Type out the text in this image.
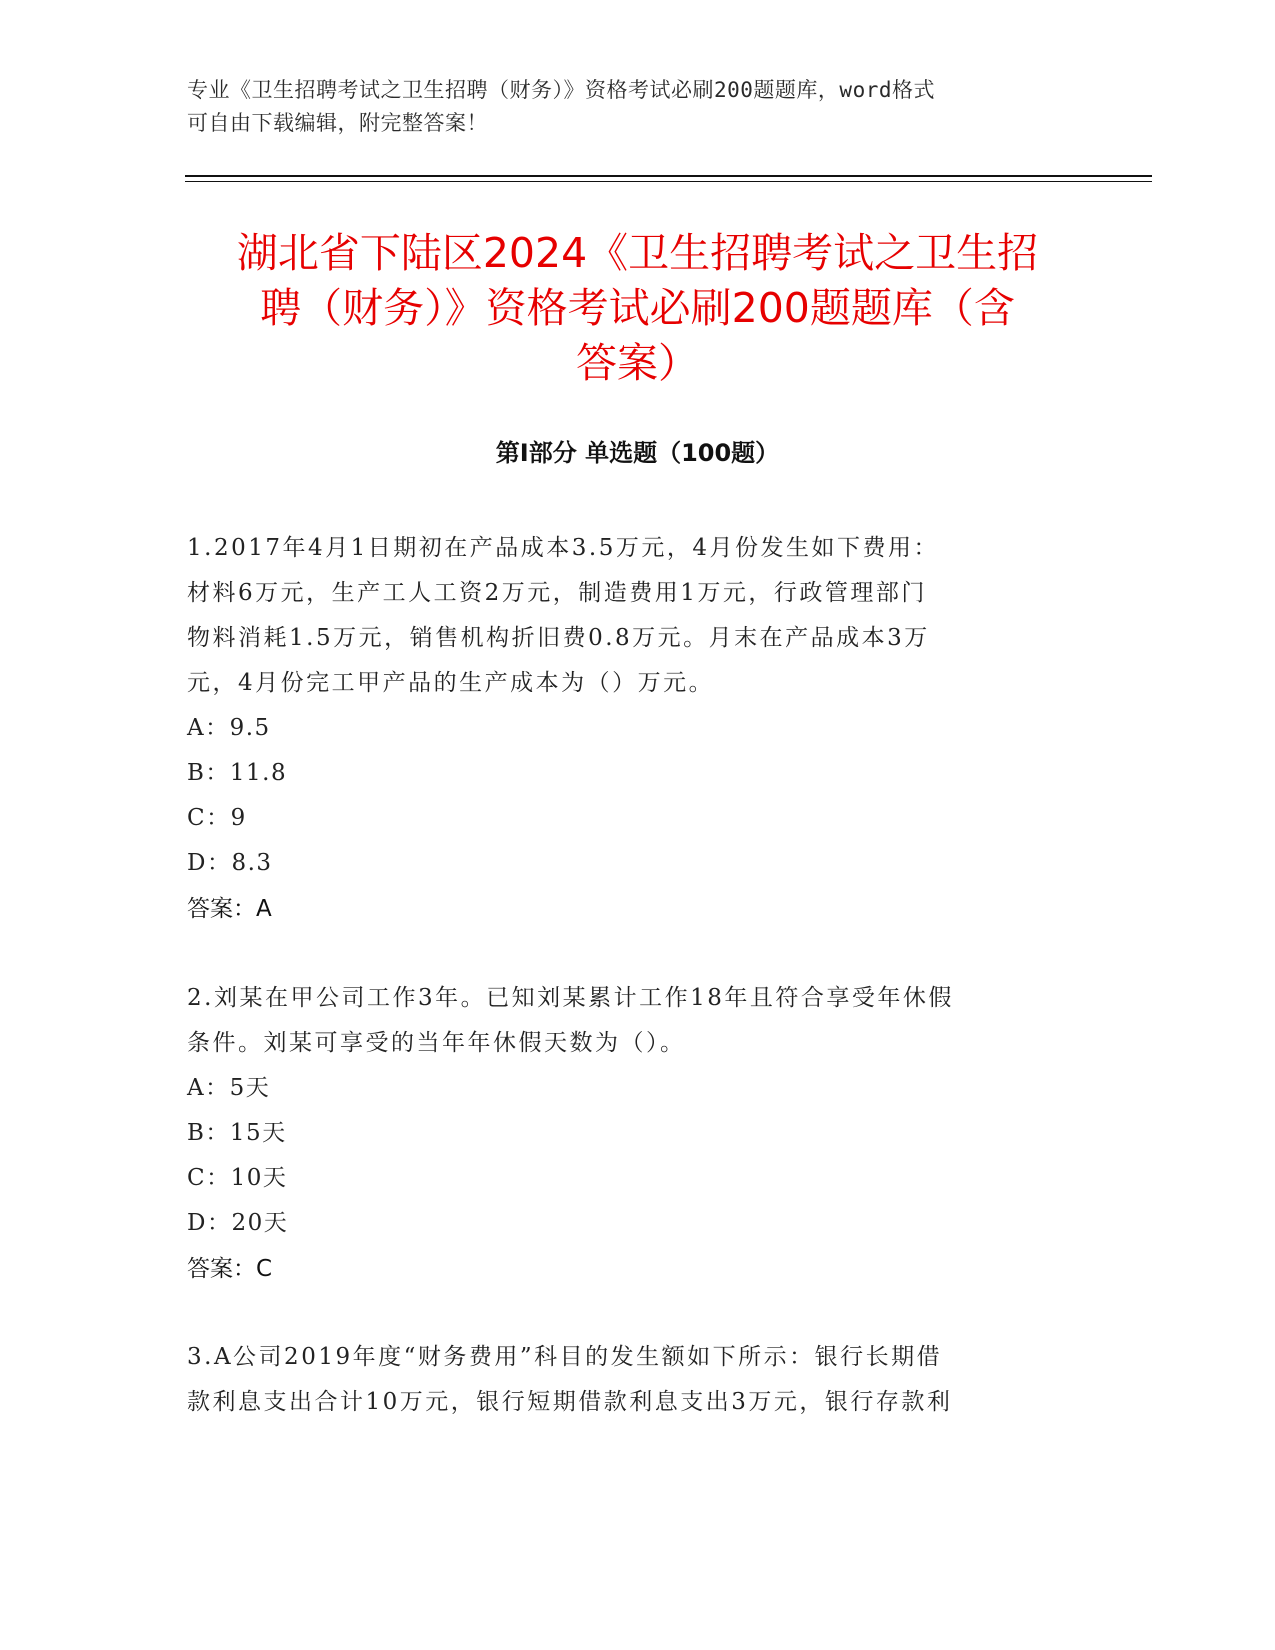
专业《卫生招聘考试之卫生招聘（财务）》资格考试必刷200题题库，word格式
可自由下载编辑，附完整答案！
湖北省下陆区2024《卫生招聘考试之卫生招
聘（财务）》资格考试必刷200题题库（含
答案）
第Ⅰ部分 单选题（100题）
1.2017年4月1日期初在产品成本3.5万元，4月份发生如下费用：
材料6万元，生产工人工资2万元，制造费用1万元，行政管理部门
物料消耗1.5万元，销售机构折旧费0.8万元。月末在产品成本3万
元，4月份完工甲产品的生产成本为（）万元。
A：9.5
B：11.8
C：9
D：8.3
答案：A
2.刘某在甲公司工作3年。已知刘某累计工作18年且符合享受年休假
条件。刘某可享受的当年年休假天数为（）。
A：5天
B：15天
C：10天
D：20天
答案：C
3.A公司2019年度“财务费用”科目的发生额如下所示：银行长期借
款利息支出合计10万元，银行短期借款利息支出3万元，银行存款利
